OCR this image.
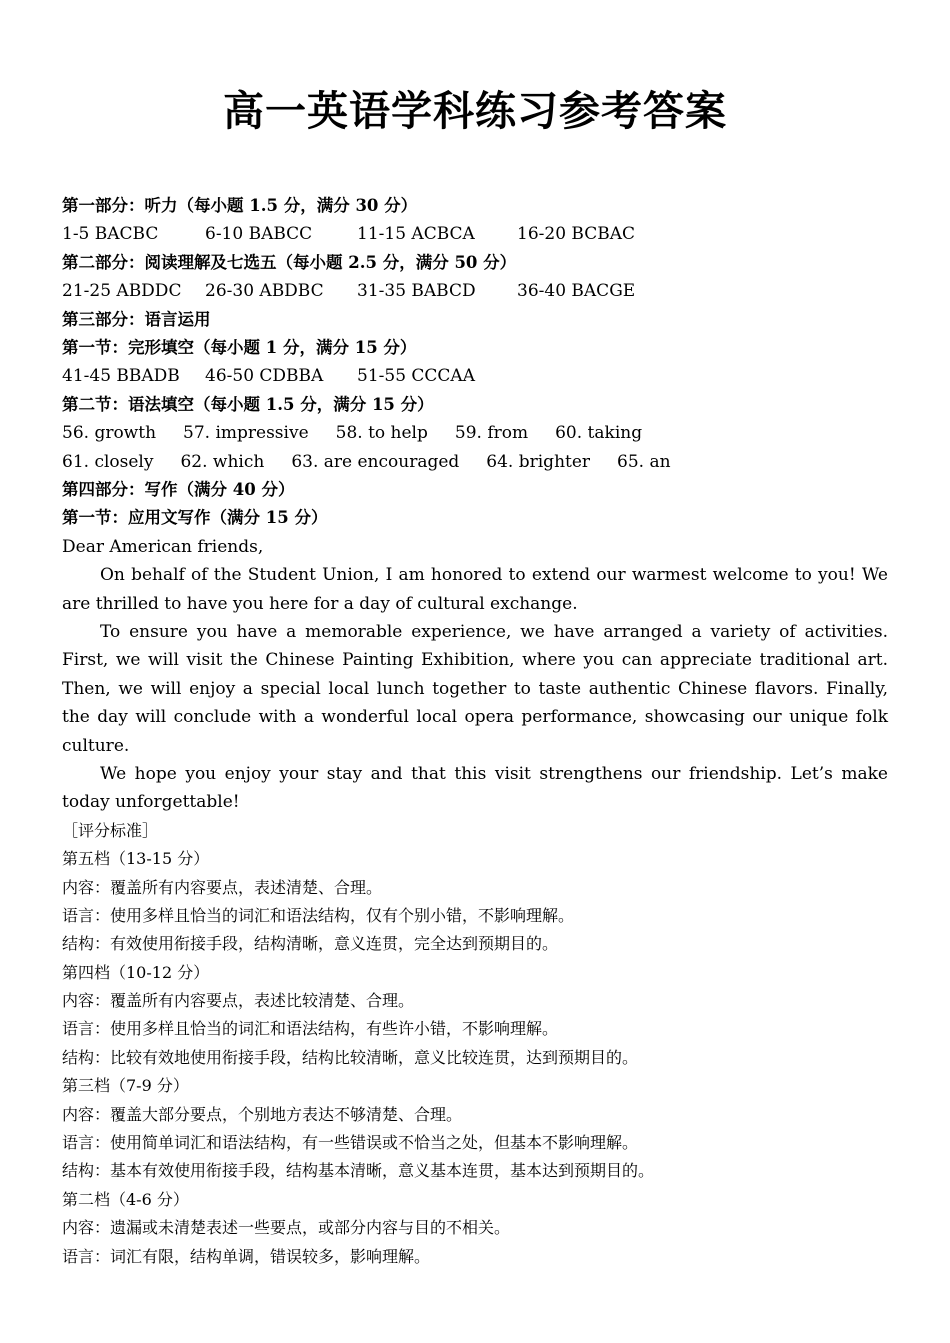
高一英语学科练习参考答案
第一部分：听力（每小题 1.5 分，满分 30 分）
1-5 BACBC	6-10 BABCC	11-15 ACBCA 16-20 BCBAC
第二部分：阅读理解及七选五（每小题 2.5 分，满分 50 分）
21-25 ABDDC 26-30 ABDBC 31-35 BABCD 36-40 BACGE
第三部分：语言运用
第一节：完形填空（每小题 1 分，满分 15 分）
41-45 BBADB 46-50 CDBBA 51-55 CCCAA
第二节：语法填空（每小题 1.5 分，满分 15 分）
56. growth 57. impressive 58. to help 59. from 60. taking
61. closely 62. which 63. are encouraged 64. brighter 65. an
第四部分：写作（满分 40 分）
第一节：应用文写作（满分 15 分）

Dear American friends,

On behalf of the Student Union, I am honored to extend our warmest welcome to you! We are thrilled to have you here for a day of cultural exchange.

To ensure you have a memorable experience, we have arranged a variety of activities. First, we will visit the Chinese Painting Exhibition, where you can appreciate traditional art. Then, we will enjoy a special local lunch together to taste authentic Chinese flavors. Finally, the day will conclude with a wonderful local opera performance, showcasing our unique folk culture.

We hope you enjoy your stay and that this visit strengthens our friendship. Let’s make today unforgettable!

［评分标准］
第五档（13-15 分）
内容：覆盖所有内容要点，表述清楚、合理。
语言：使用多样且恰当的词汇和语法结构，仅有个别小错，不影响理解。
结构：有效使用衔接手段，结构清晰，意义连贯，完全达到预期目的。
第四档（10-12 分）
内容：覆盖所有内容要点，表述比较清楚、合理。
语言：使用多样且恰当的词汇和语法结构，有些许小错，不影响理解。
结构：比较有效地使用衔接手段，结构比较清晰，意义比较连贯，达到预期目的。
第三档（7-9 分）
内容：覆盖大部分要点，个别地方表达不够清楚、合理。
语言：使用简单词汇和语法结构，有一些错误或不恰当之处，但基本不影响理解。
结构：基本有效使用衔接手段，结构基本清晰，意义基本连贯，基本达到预期目的。
第二档（4-6 分）
内容：遗漏或未清楚表述一些要点，或部分内容与目的不相关。
语言：词汇有限，结构单调，错误较多，影响理解。
